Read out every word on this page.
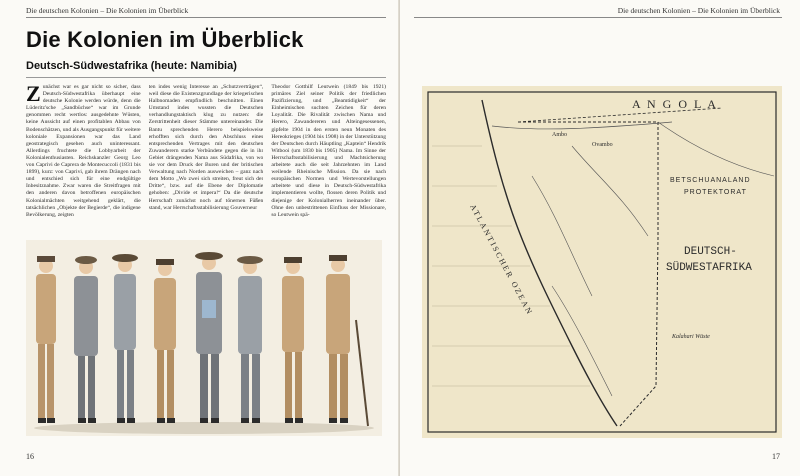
Die deutschen Kolonien – Die Kolonien im Überblick
Die Kolonien im Überblick
Deutsch-Südwestafrika (heute: Namibia)
Zunächst war es gar nicht so sicher, dass Deutsch-Südwestafrika überhaupt eine deutsche Kolonie werden würde, denn die Lüderitz'sche „Sandbüchse“ war im Grunde genommen recht wertlos: ausgedehnte Wüsten, keine Aussicht auf einen profitablen Abbau von Bodenschätzen, und als Ausgangspunkt für weitere koloniale Expansionen war das Land geostrategisch gesehen auch uninteressant. Allerdings fruchtete die Lobbyarbeit der Kolonialenthusiasten. Reichskanzler Georg Leo von Caprivi de Caprera de Montecuccoli (1831 bis 1899), kurz: von Caprivi, gab ihrem Drängen nach und entschied sich für eine endgültige Inbesitznahme. Zwar waren die Streitfragen mit den anderen davon betroffenen europäischen Kolonialmächten weitgehend geklärt, die tatsächlichen „Objekte der Begierde“, die indigene Bevölkerung, zeigten
ten indes wenig Interesse an „Schutzverträgen“, weil diese die Existenzgrundlage der kriegerischen Halbnomaden empfindlich beschnitten. Einen Umstand indes wussten die Deutschen verhandlungstaktisch klug zu nutzen: die Zerstrittenheit dieser Stämme untereinander. Die Bantu sprechenden Herero beispielsweise erhofften sich durch den Abschluss eines entsprechenden Vertrages mit den deutschen Zuwanderern starke Verbündete gegen die in ihr Gebiet drängenden Nama aus Südafrika, von wo sie vor dem Druck der Buren und der britischen Verwaltung nach Norden ausweichen – ganz nach dem Motto „Wo zwei sich streiten, freut sich der Dritte“, bzw. auf die Ebene der Diplomatie gehoben: „Divide et impera!“ Da die deutsche Herrschaft zunächst noch auf tönernen Füßen stand, war Herrschaftsstabilisierung Gouverneur
Theodor Gotthilf Leutwein (1849 bis 1921) primäres Ziel seiner Politik der friedlichen Pazifizierung, und „Beamtidigkeit“ der Einheimischen suchten Zeichen für deren Loyalität. Die Rivalität zwischen Nama und Herero, Zawandereren und Alteingesessenen, gipfelte 1904 in den ersten neun Monaten des Hereokrieges (1904 bis 1908) in der Unterstützung der Deutschen durch Häuptling „Kaptein“ Hendrik Witbooi (um 1830 bis 1905) Nama. Im Sinne der Herrschaftsstabilisierung und Machtsicherung arbeitete auch die seit Jahrzehnten im Land weilende Rheinische Mission. Da sie nach europäischen Normen und Wertevorstellungen arbeitete und diese in Deutsch-Südwestafrika implementieren wollte, flossen deren Politik und diejenige der Kolonialherren ineinander über. Ohne den unbestrittenen Einfluss der Missionare, so Leutwein spä-
16
Die deutschen Kolonien – Die Kolonien im Überblick
A N G O L A
Ambo
Ovambo
BETSCHUANALAND
PROTEKTORAT
DEUTSCH-
SÜDWESTAFRIKA
Kalahari Wüste
ATLANTISCHER OZEAN
17
